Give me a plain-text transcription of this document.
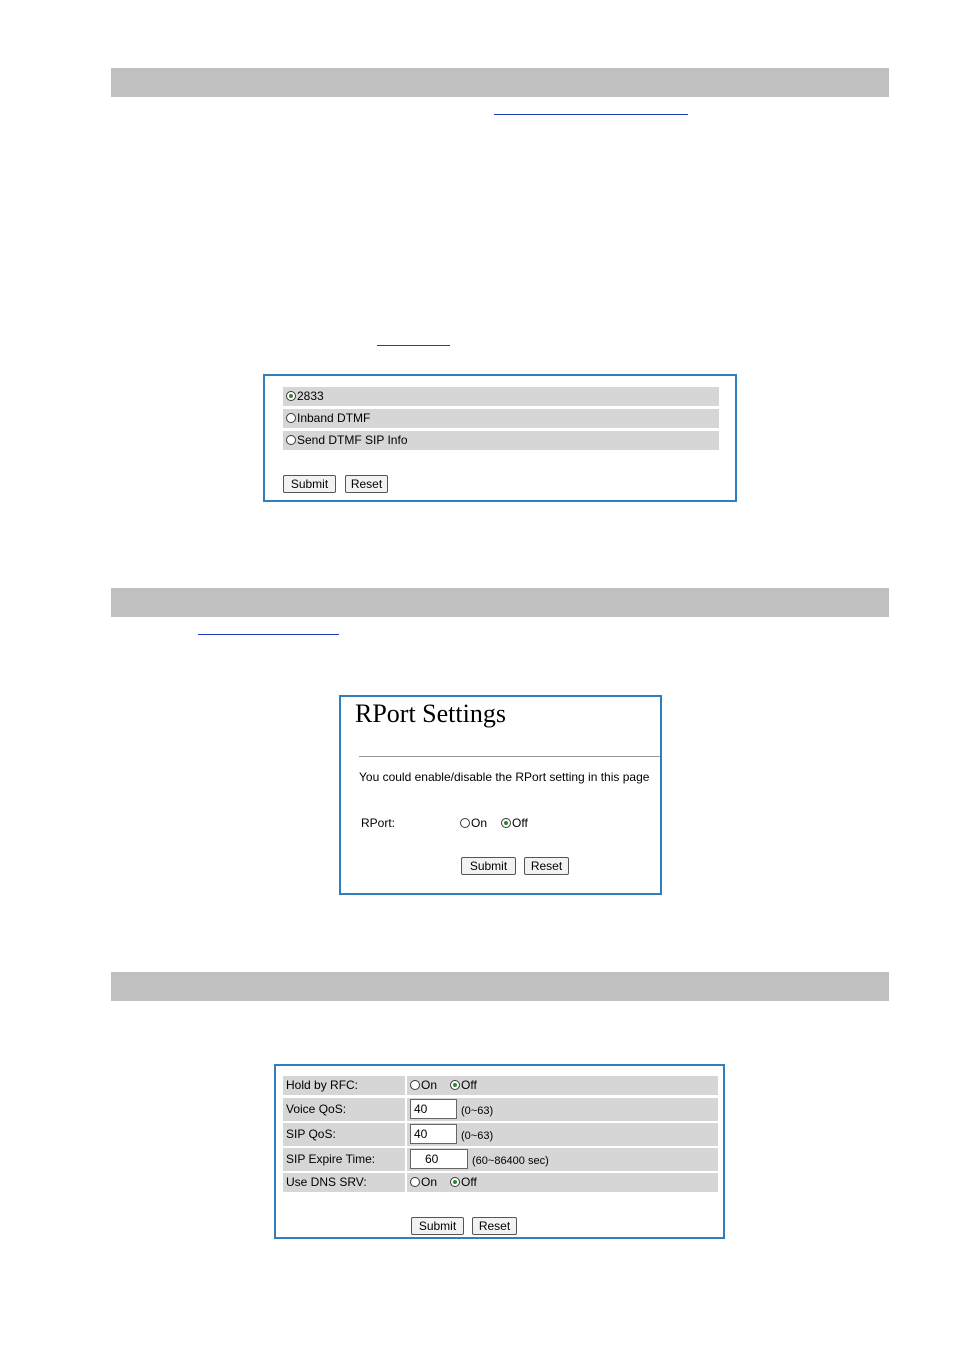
2833
Inband DTMF
Send DTMF SIP Info
Submit	Reset
RPort Settings
You could enable/disable the RPort setting in this page
RPort:	On	Off
Submit	Reset
Hold by RFC:	On	Off
Voice QoS:	40	(0~63)
SIP QoS:	40	(0~63)
SIP Expire Time:	60	(60~86400 sec)
Use DNS SRV:	On	Off
Submit	Reset
